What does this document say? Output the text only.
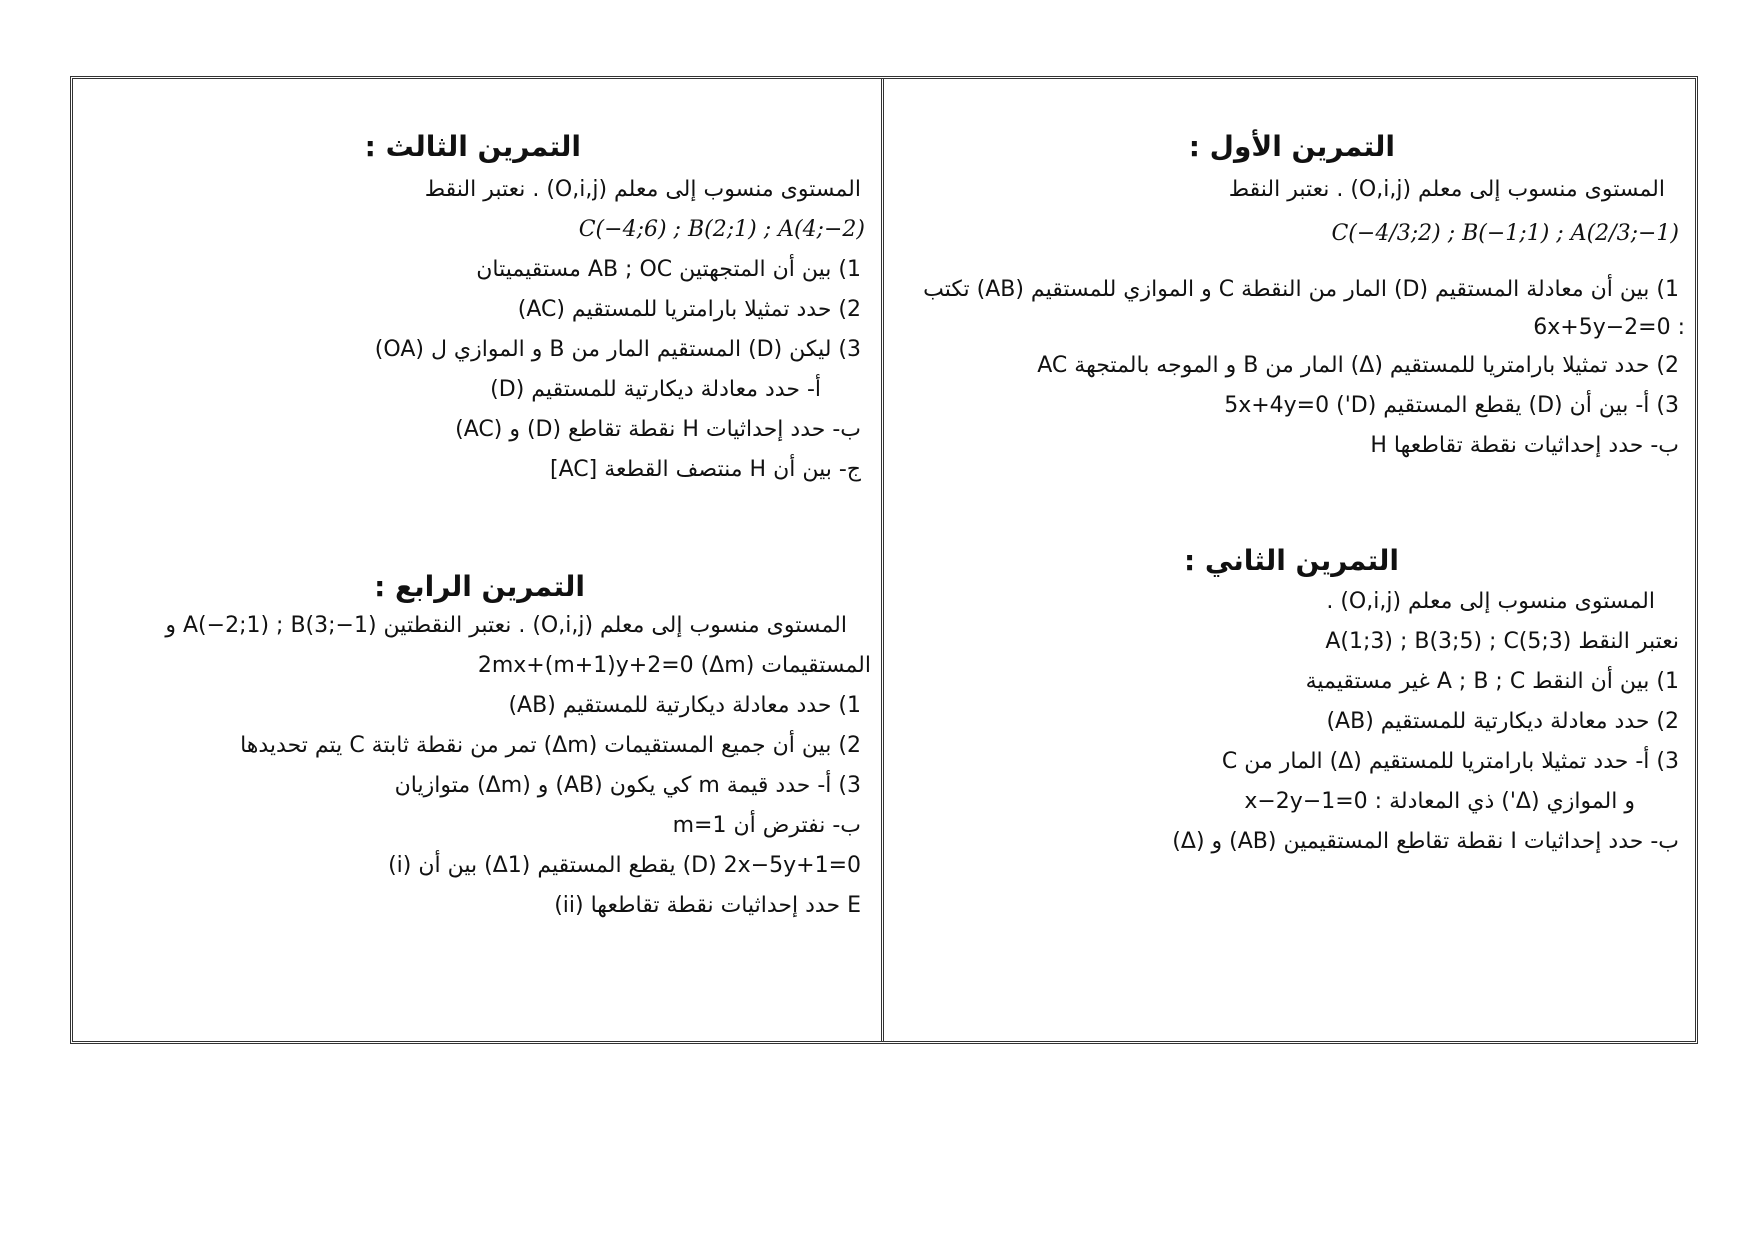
التمرين الثالث :
المستوى منسوب إلى معلم (O,i,j) . نعتبر النقط
C(−4;6) ; B(2;1) ; A(4;−2)
1) بين أن المتجهتين AB ; OC مستقيميتان
2) حدد تمثيلا بارامتريا للمستقيم (AC)
3) ليكن (D) المستقيم المار من B و الموازي ل (OA)
أ- حدد معادلة ديكارتية للمستقيم (D)
ب- حدد إحداثيات H نقطة تقاطع (D) و (AC)
ج- بين أن H منتصف القطعة [AC]
التمرين الرابع :
المستوى منسوب إلى معلم (O,i,j) . نعتبر النقطتين A(−2;1) ; B(3;−1) و
المستقيمات (Δm) 2mx+(m+1)y+2=0
1) حدد معادلة ديكارتية للمستقيم (AB)
2) بين أن جميع المستقيمات (Δm) تمر من نقطة ثابتة C يتم تحديدها
3) أ- حدد قيمة m كي يكون (AB) و (Δm) متوازيان
ب- نفترض أن m=1
(i) بين أن (Δ1) يقطع المستقيم (D) 2x−5y+1=0
(ii) حدد إحداثيات نقطة تقاطعها E
التمرين الأول :
المستوى منسوب إلى معلم (O,i,j) . نعتبر النقط
C(−4/3;2) ; B(−1;1) ; A(2/3;−1)
1) بين أن معادلة المستقيم (D) المار من النقطة C و الموازي للمستقيم (AB) تكتب
6x+5y−2=0 :
2) حدد تمثيلا بارامتريا للمستقيم (Δ) المار من B و الموجه بالمتجهة AC
3) أ- بين أن (D) يقطع المستقيم (D') 5x+4y=0
ب- حدد إحداثيات نقطة تقاطعها H
التمرين الثاني :
المستوى منسوب إلى معلم (O,i,j) .
نعتبر النقط A(1;3) ; B(3;5) ; C(5;3)
1) بين أن النقط A ; B ; C غير مستقيمية
2) حدد معادلة ديكارتية للمستقيم (AB)
3) أ- حدد تمثيلا بارامتريا للمستقيم (Δ) المار من C
و الموازي (Δ') ذي المعادلة : x−2y−1=0
ب- حدد إحداثيات I نقطة تقاطع المستقيمين (AB) و (Δ)
